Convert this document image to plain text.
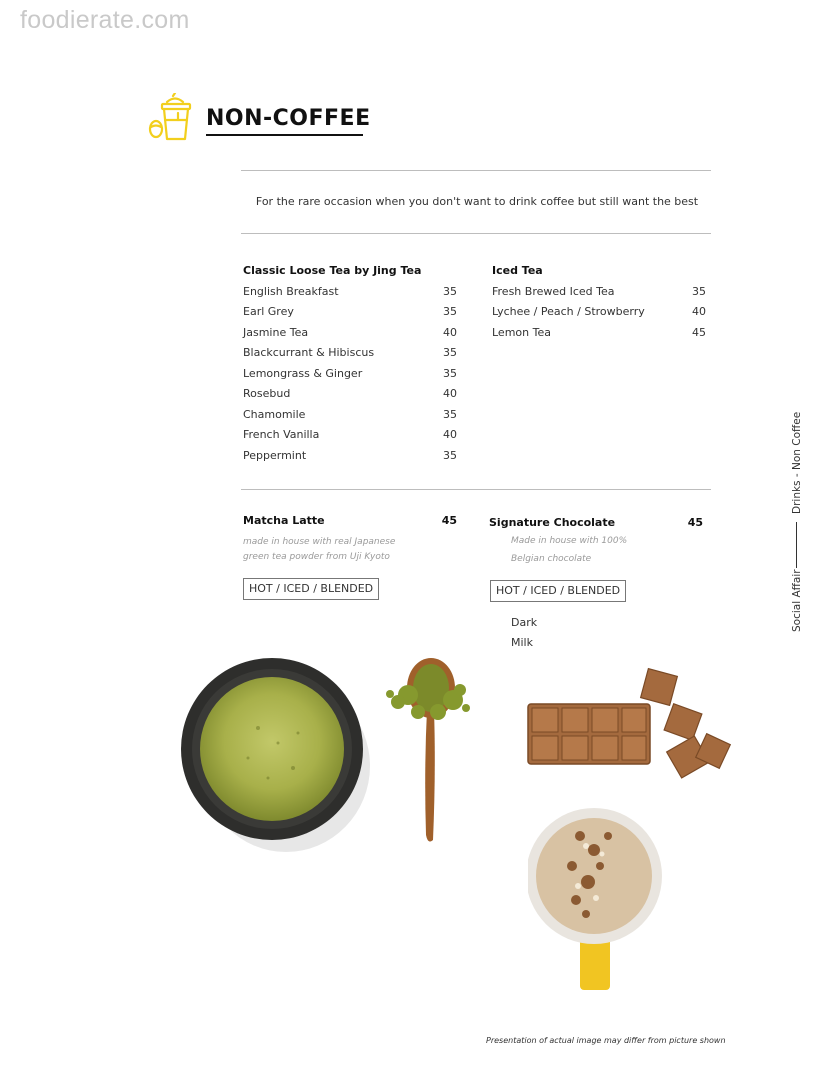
foodierate.com
NON-COFFEE
For the rare occasion when you don't want to drink coffee but still want the best
Classic Loose Tea by Jing Tea
English Breakfast	35
Earl Grey	35
Jasmine Tea	40
Blackcurrant & Hibiscus	35
Lemongrass & Ginger	35
Rosebud	40
Chamomile	35
French Vanilla	40
Peppermint	35
Iced Tea
Fresh Brewed Iced Tea	35
Lychee / Peach / Strowberry	40
Lemon Tea	45
Matcha Latte	45
made in house with real Japanese
green tea powder from Uji Kyoto
HOT / ICED / BLENDED
Signature Chocolate	45
Made in house with 100%
Belgian chocolate
HOT / ICED / BLENDED
Dark
Milk
Social Affair
Drinks - Non Coffee
Presentation of actual image may differ from picture shown
